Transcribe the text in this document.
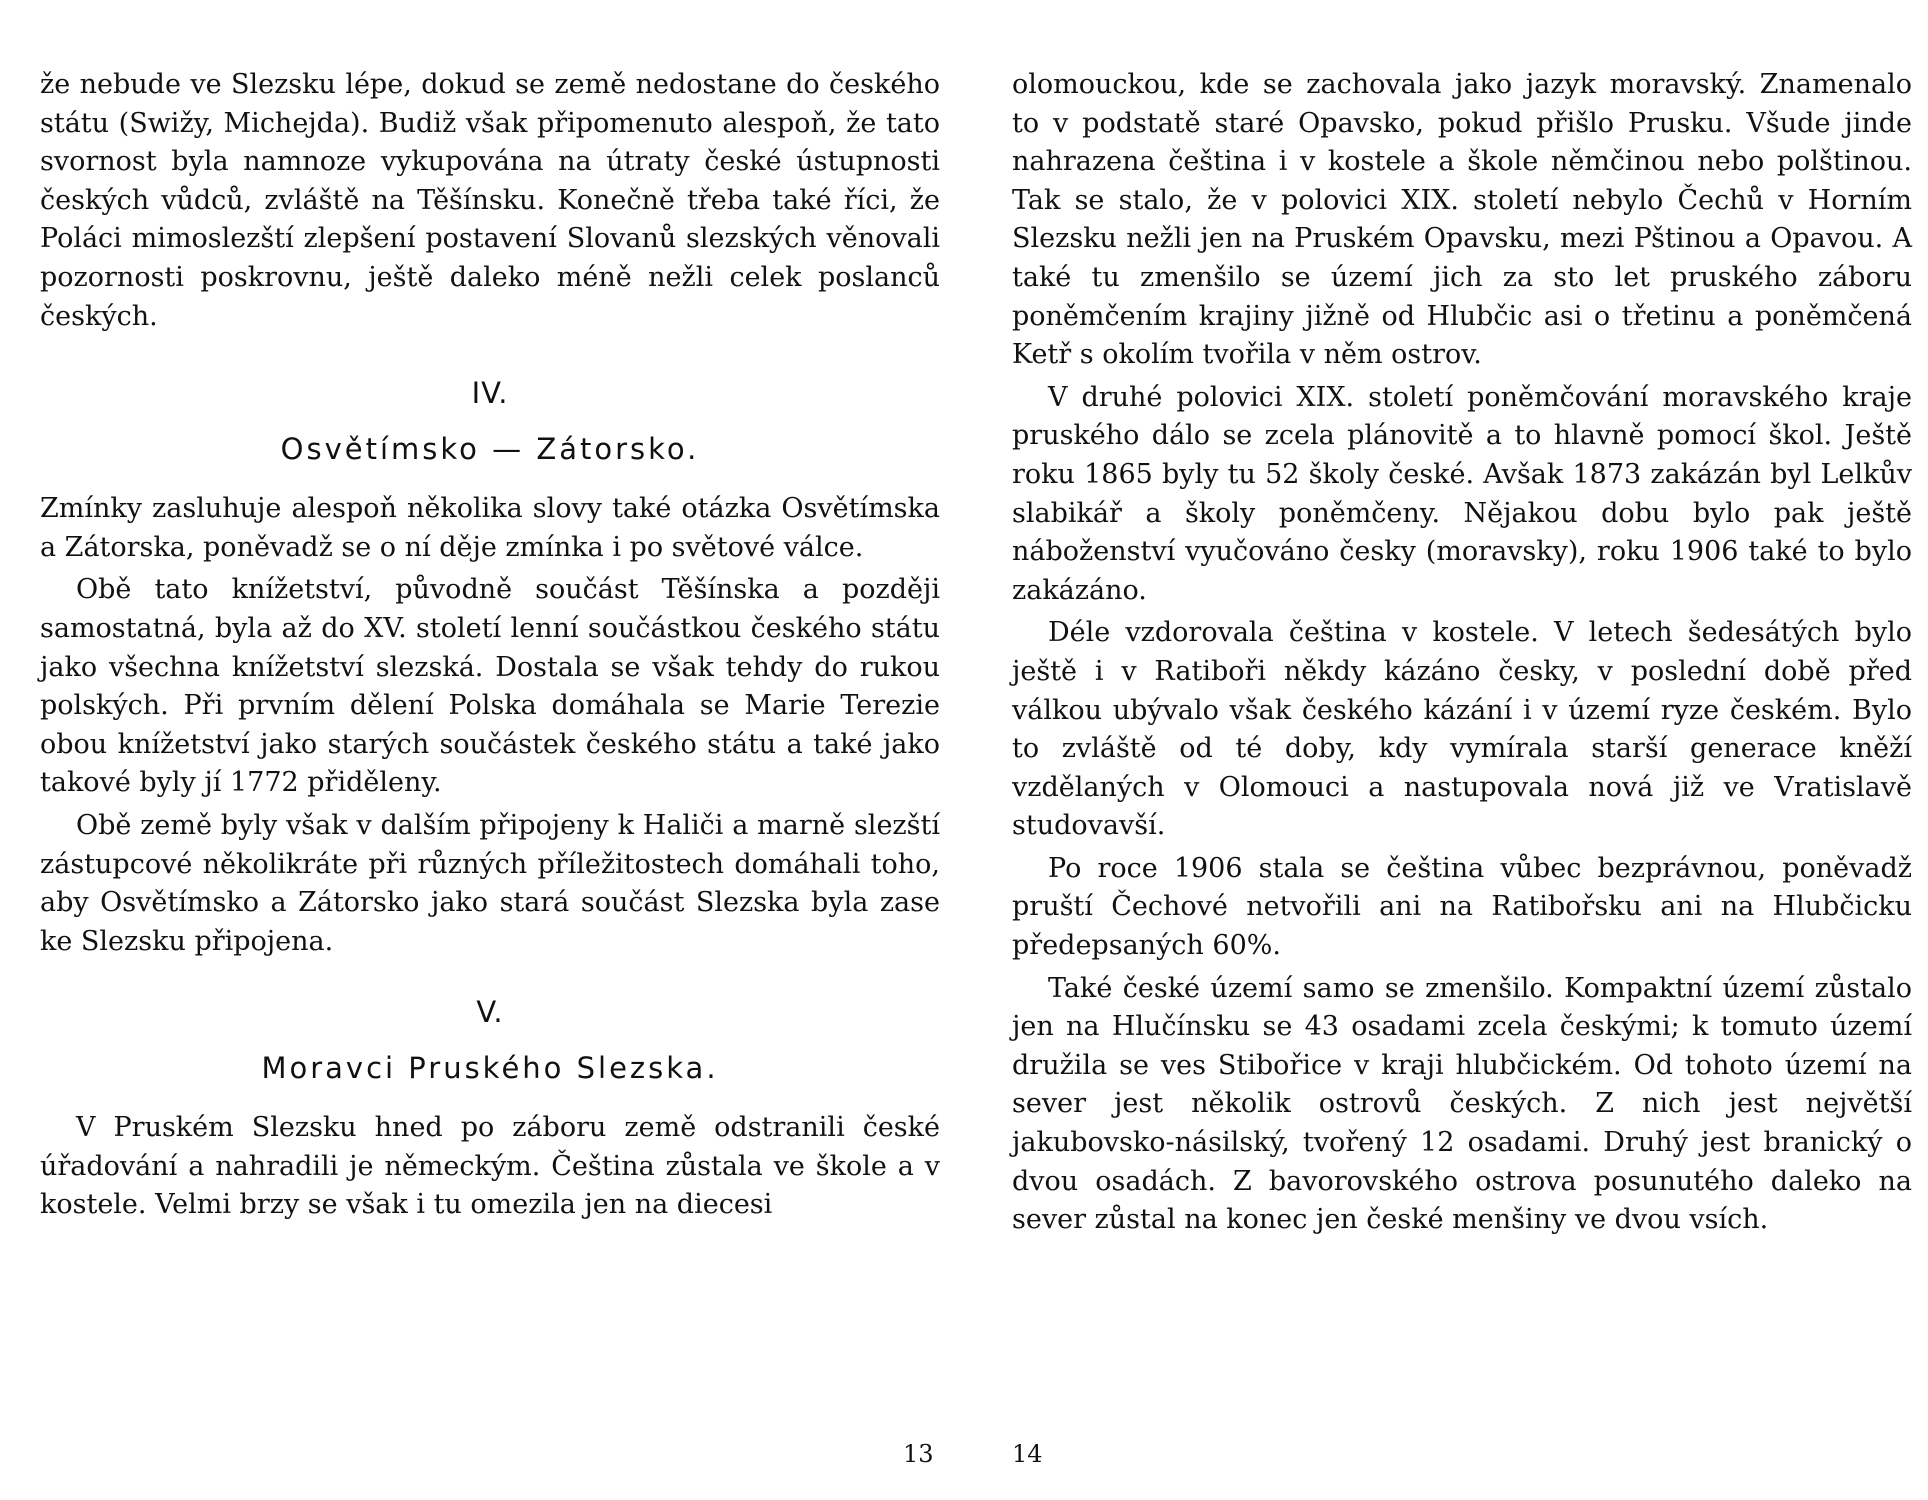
že nebude ve Slezsku lépe, dokud se země nedostane do českého státu (Swižy, Michejda). Budiž však připomenuto alespoň, že tato svornost byla namnoze vykupována na útraty české ústupnosti českých vůdců, zvláště na Těšínsku. Konečně třeba také říci, že Poláci mimoslezští zlepšení postavení Slovanů slezských věnovali pozornosti poskrovnu, ještě daleko méně nežli celek poslanců českých.

IV.

Osvětímsko — Zátorsko.

Zmínky zasluhuje alespoň několika slovy také otázka Osvětímska a Zátorska, poněvadž se o ní děje zmínka i po světové válce.

Obě tato knížetství, původně součást Těšínska a později samostatná, byla až do XV. století lenní součástkou českého státu jako všechna knížetství slezská. Dostala se však tehdy do rukou polských. Při prvním dělení Polska domáhala se Marie Terezie obou knížetství jako starých součástek českého státu a také jako takové byly jí 1772 přiděleny.

Obě země byly však v dalším připojeny k Haliči a marně slezští zástupcové několikráte při různých příležitostech domáhali toho, aby Osvětímsko a Zátorsko jako stará součást Slezska byla zase ke Slezsku připojena.

V.

Moravci Pruského Slezska.

V Pruském Slezsku hned po záboru země odstranili české úřadování a nahradili je německým. Čeština zůstala ve škole a v kostele. Velmi brzy se však i tu omezila jen na diecesi

olomouckou, kde se zachovala jako jazyk moravský. Znamenalo to v podstatě staré Opavsko, pokud přišlo Prusku. Všude jinde nahrazena čeština i v kostele a škole němčinou nebo polštinou. Tak se stalo, že v polovici XIX. století nebylo Čechů v Horním Slezsku nežli jen na Pruském Opavsku, mezi Pštinou a Opavou. A také tu zmenšilo se území jich za sto let pruského záboru poněmčením krajiny jižně od Hlubčic asi o třetinu a poněmčená Ketř s okolím tvořila v něm ostrov.

V druhé polovici XIX. století poněmčování moravského kraje pruského dálo se zcela plánovitě a to hlavně pomocí škol. Ještě roku 1865 byly tu 52 školy české. Avšak 1873 zakázán byl Lelkův slabikář a školy poněmčeny. Nějakou dobu bylo pak ještě náboženství vyučováno česky (moravsky), roku 1906 také to bylo zakázáno.

Déle vzdorovala čeština v kostele. V letech šedesátých bylo ještě i v Ratiboři někdy kázáno česky, v poslední době před válkou ubývalo však českého kázání i v území ryze českém. Bylo to zvláště od té doby, kdy vymírala starší generace kněží vzdělaných v Olomouci a nastupovala nová již ve Vratislavě studovavší.

Po roce 1906 stala se čeština vůbec bezprávnou, poněvadž pruští Čechové netvořili ani na Ratibořsku ani na Hlubčicku předepsaných 60%.

Také české území samo se zmenšilo. Kompaktní území zůstalo jen na Hlučínsku se 43 osadami zcela českými; k tomuto území družila se ves Stibořice v kraji hlubčickém. Od tohoto území na sever jest několik ostrovů českých. Z nich jest největší jakubovsko-násilský, tvořený 12 osadami. Druhý jest branický o dvou osadách. Z bavorovského ostrova posunutého daleko na sever zůstal na konec jen české menšiny ve dvou vsích.

13	14
